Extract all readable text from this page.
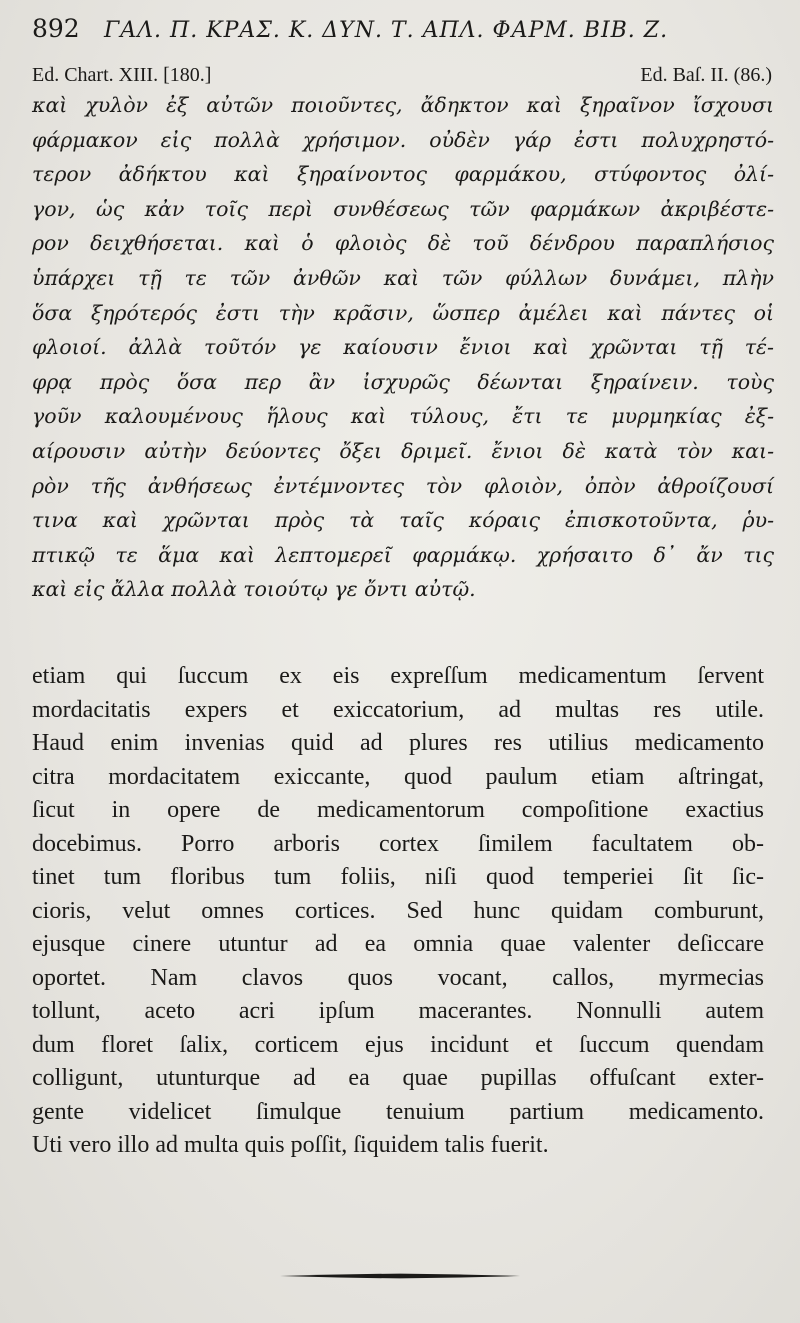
892	ΓΑΛ. Π. ΚΡΑΣ. Κ. ΔΥΝ. Τ. ΑΠΛ. ΦΑΡΜ. ΒΙΒ. Ζ.
Ed. Chart. XIII. [180.]	Ed. Baſ. II. (86.)
καὶ χυλὸν ἐξ αὐτῶν ποιοῦντες, ἄδηκτον καὶ ξηραῖνον ἴσχουσι
φάρμακον εἰς πολλὰ χρήσιμον. οὐδὲν γάρ ἐστι πολυχρηστό-
τερον ἀδήκτου καὶ ξηραίνοντος φαρμάκου, στύφοντος ὀλί-
γον, ὡς κἀν τοῖς περὶ συνθέσεως τῶν φαρμάκων ἀκριβέστε-
ρον δειχθήσεται. καὶ ὁ φλοιὸς δὲ τοῦ δένδρου παραπλήσιος
ὑπάρχει τῇ τε τῶν ἀνθῶν καὶ τῶν φύλλων δυνάμει, πλὴν
ὅσα ξηρότερός ἐστι τὴν κρᾶσιν, ὥσπερ ἀμέλει καὶ πάντες οἱ
φλοιοί. ἀλλὰ τοῦτόν γε καίουσιν ἔνιοι καὶ χρῶνται τῇ τέ-
φρᾳ πρὸς ὅσα περ ἂν ἰσχυρῶς δέωνται ξηραίνειν. τοὺς
γοῦν καλουμένους ἥλους καὶ τύλους, ἔτι τε μυρμηκίας ἐξ-
αίρουσιν αὐτὴν δεύοντες ὄξει δριμεῖ. ἔνιοι δὲ κατὰ τὸν και-
ρὸν τῆς ἀνθήσεως ἐντέμνοντες τὸν φλοιὸν, ὀπὸν ἀθροίζουσί
τινα καὶ χρῶνται πρὸς τὰ ταῖς κόραις ἐπισκοτοῦντα, ῥυ-
πτικῷ τε ἅμα καὶ λεπτομερεῖ φαρμάκῳ. χρήσαιτο δ᾽ ἄν τις
καὶ εἰς ἄλλα πολλὰ τοιούτῳ γε ὄντι αὐτῷ.
etiam qui ſuccum ex eis expreſſum medicamentum ſervent
mordacitatis expers et exiccatorium, ad multas res utile.
Haud enim invenias quid ad plures res utilius medicamento
citra mordacitatem exiccante, quod paulum etiam aſtringat,
ſicut in opere de medicamentorum compoſitione exactius
docebimus. Porro arboris cortex ſimilem facultatem ob-
tinet tum floribus tum foliis, niſi quod temperiei ſit ſic-
cioris, velut omnes cortices. Sed hunc quidam comburunt,
ejusque cinere utuntur ad ea omnia quae valenter deſiccare
oportet. Nam clavos quos vocant, callos, myrmecias
tollunt, aceto acri ipſum macerantes. Nonnulli autem
dum floret ſalix, corticem ejus incidunt et ſuccum quendam
colligunt, utunturque ad ea quae pupillas offuſcant exter-
gente videlicet ſimulque tenuium partium medicamento.
Uti vero illo ad multa quis poſſit, ſiquidem talis fuerit.
